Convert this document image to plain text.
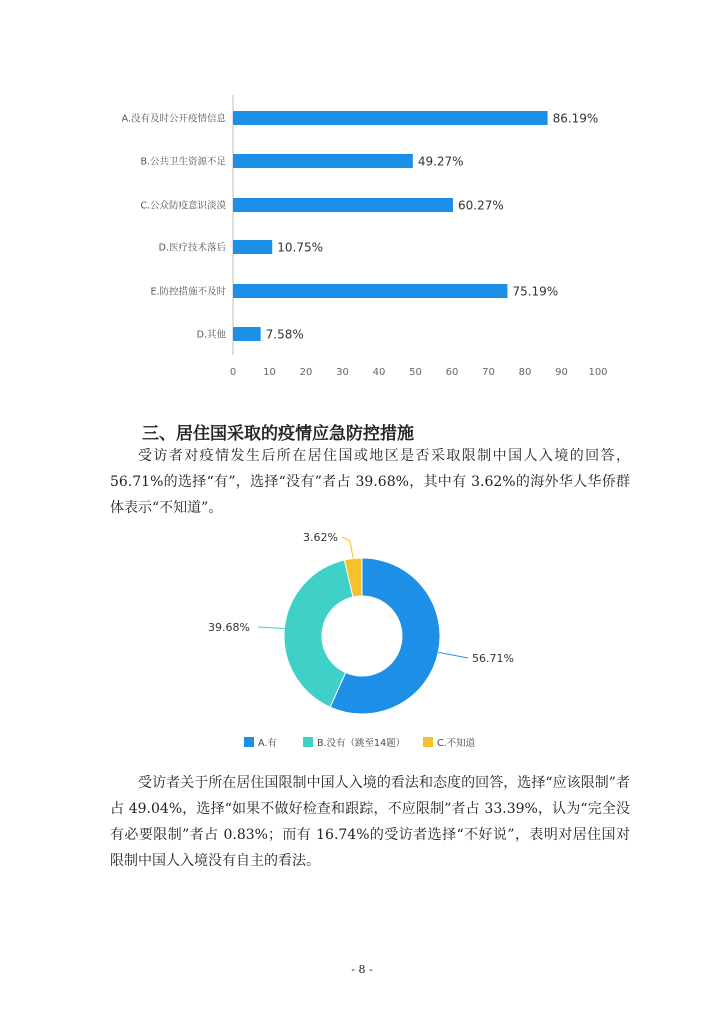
0	10 20 30 40 50 60 70 80 90 100
A.没有及时公开疫情信息	86.19%
B.公共卫生资源不足	49.27%
C.公众防疫意识淡漠	60.27%
D.医疗技术落后	10.75%
E.防控措施不及时	75.19%
D.其他	7.58%
三、居住国采取的疫情应急防控措施

受访者对疫情发生后所在居住国或地区是否采取限制中国人入境的回答，56.71%的选择“有”，选择“没有”者占 39.68%，其中有 3.62%的海外华人华侨群体表示“不知道”。

56.71%
39.68%
3.62%
A.有	B.没有（跳至14题）	C.不知道

受访者关于所在居住国限制中国人入境的看法和态度的回答，选择“应该限制”者占 49.04%，选择“如果不做好检查和跟踪，不应限制”者占 33.39%，认为“完全没有必要限制”者占 0.83%；而有 16.74%的受访者选择“不好说”，表明对居住国对限制中国人入境没有自主的看法。

- 8 -
